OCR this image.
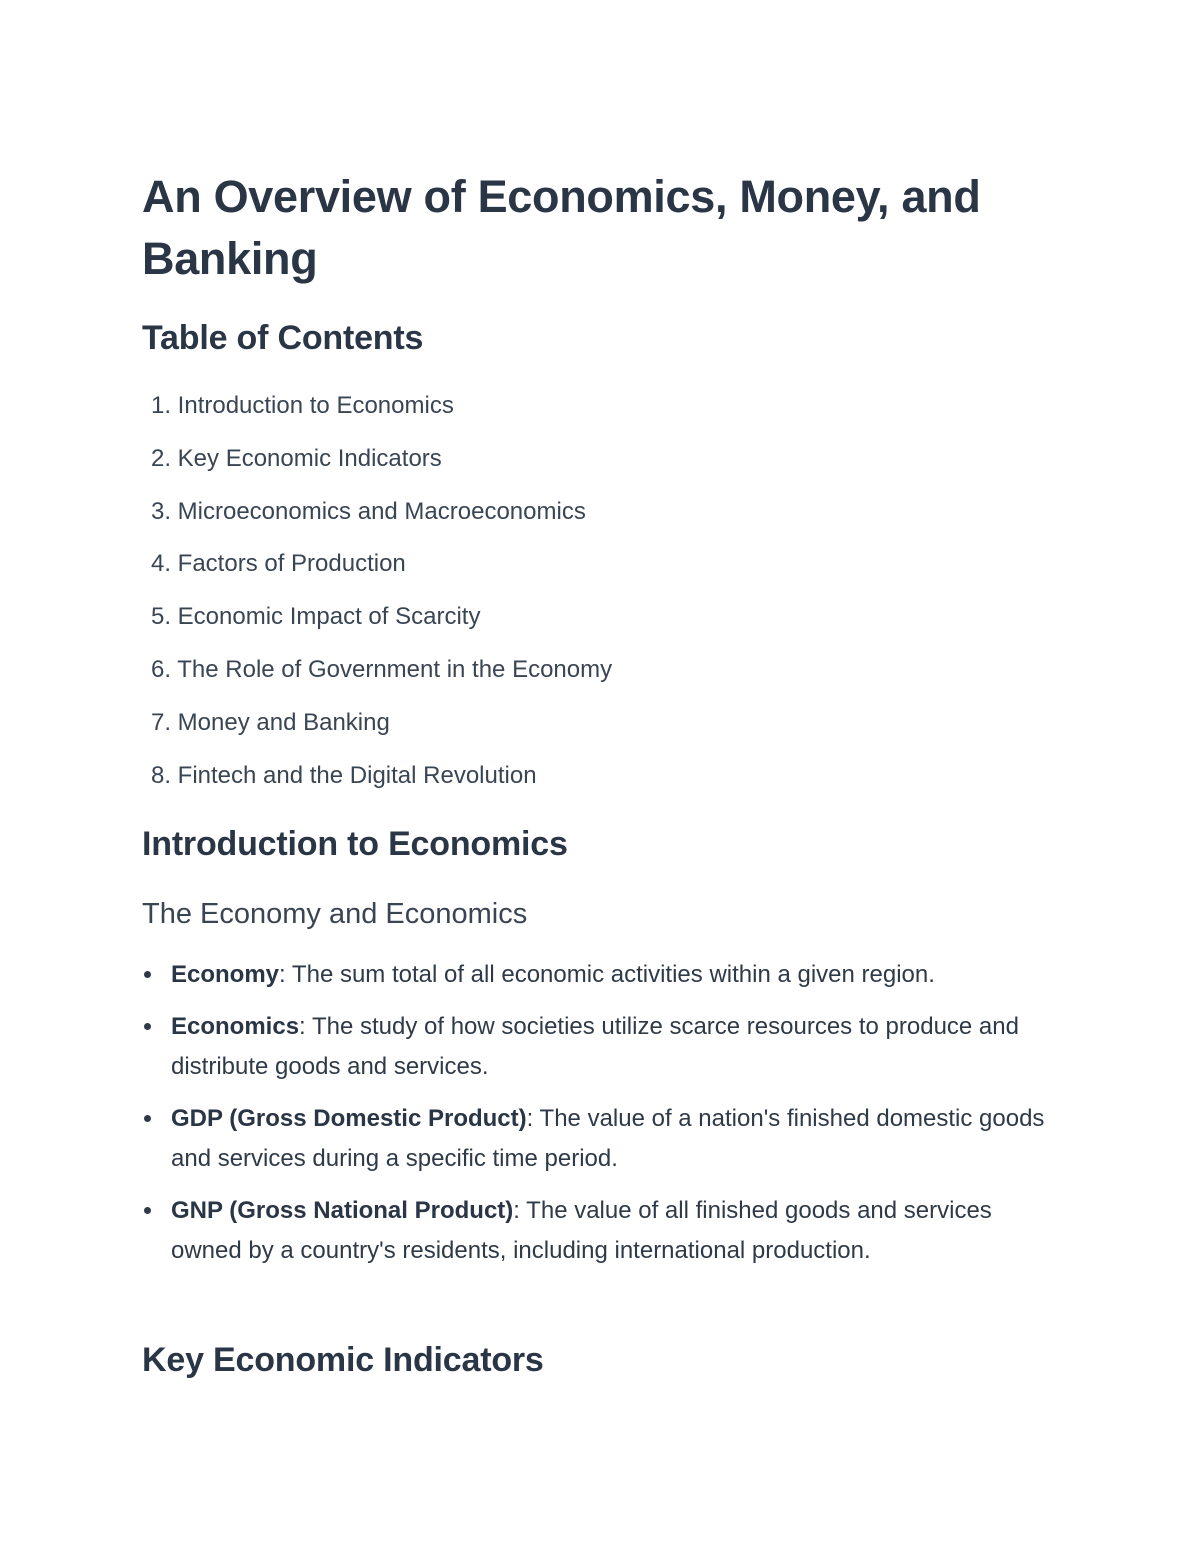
An Overview of Economics, Money, and Banking
Table of Contents
1. Introduction to Economics
2. Key Economic Indicators
3. Microeconomics and Macroeconomics
4. Factors of Production
5. Economic Impact of Scarcity
6. The Role of Government in the Economy
7. Money and Banking
8. Fintech and the Digital Revolution
Introduction to Economics
The Economy and Economics
Economy: The sum total of all economic activities within a given region.
Economics: The study of how societies utilize scarce resources to produce and distribute goods and services.
GDP (Gross Domestic Product): The value of a nation's finished domestic goods and services during a specific time period.
GNP (Gross National Product): The value of all finished goods and services owned by a country's residents, including international production.
Key Economic Indicators
